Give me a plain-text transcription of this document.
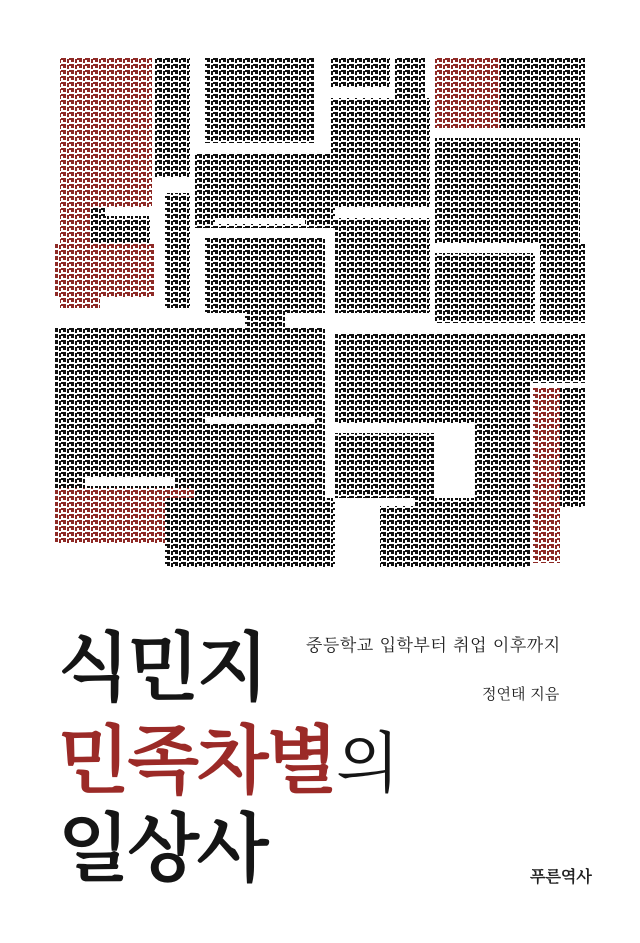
중등학교 입학부터 취업 이후까지
정연태 지음
식민지
민족차별의
일상사	푸른역사
